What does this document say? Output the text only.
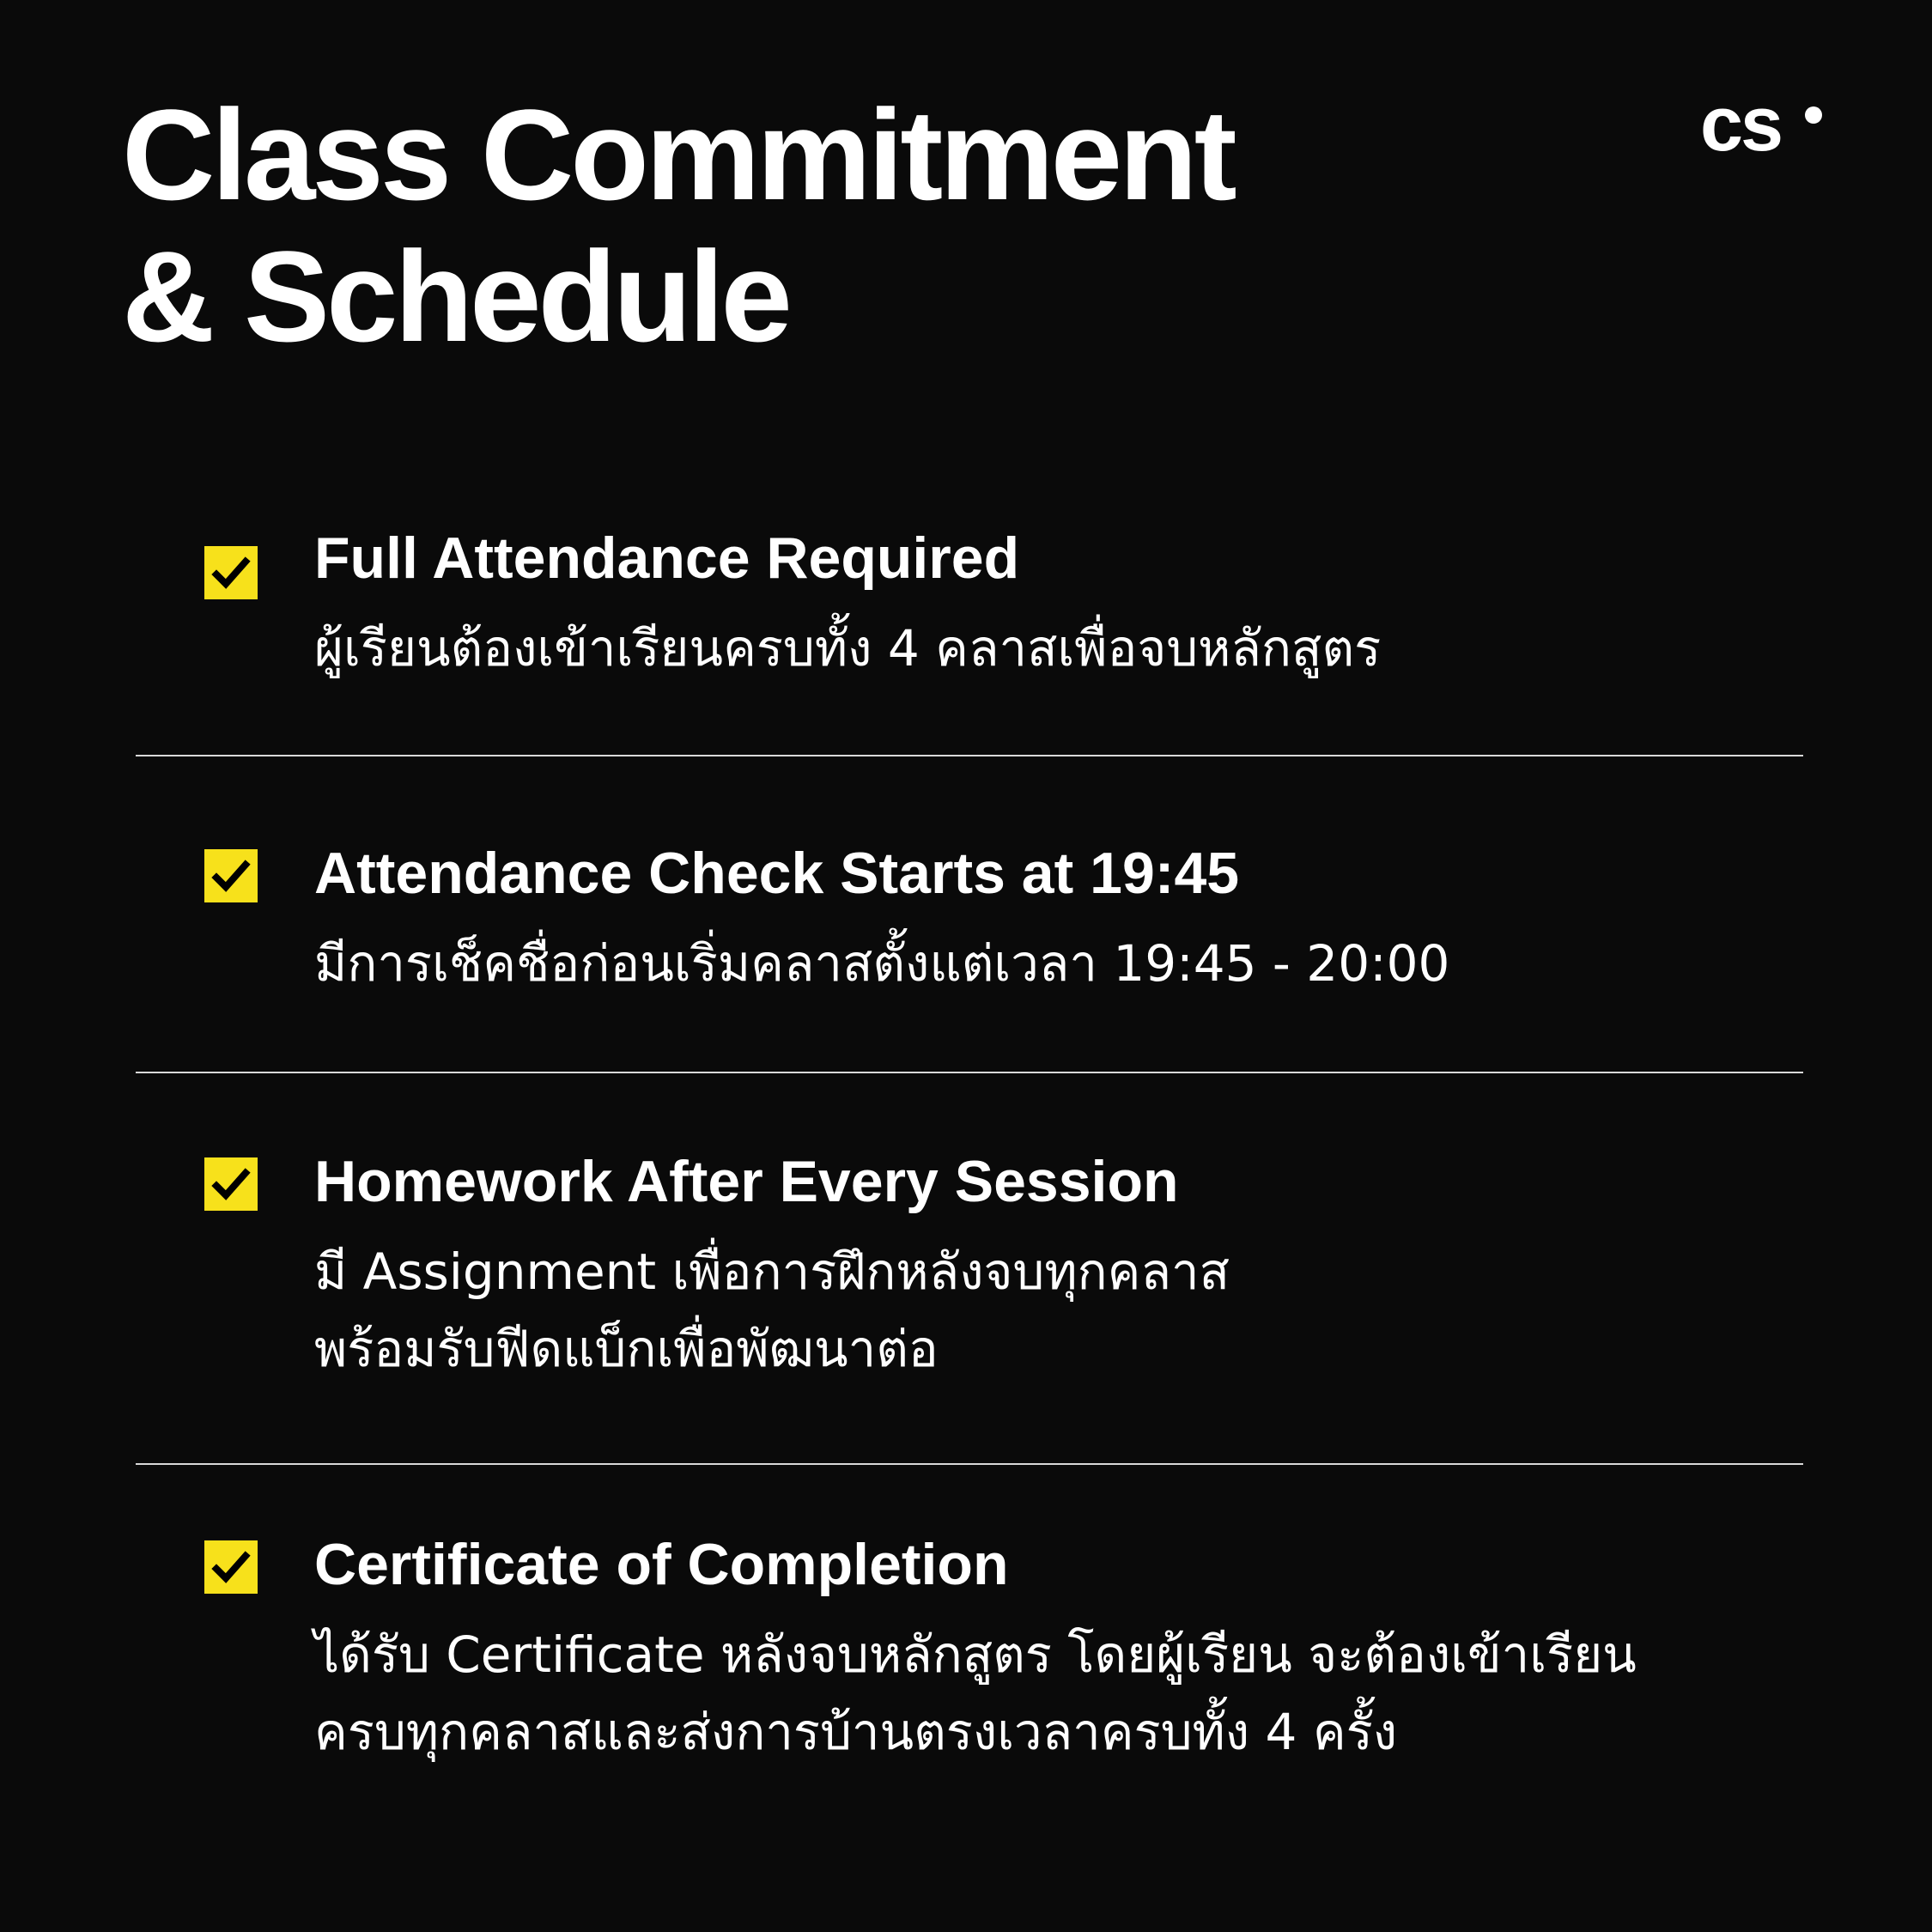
Class Commitment
& Schedule
cs
Full Attendance Required
ผู้เรียนต้องเข้าเรียนครบทั้ง 4 คลาสเพื่อจบหลักสูตร
Attendance Check Starts at 19:45
มีการเช็คชื่อก่อนเริ่มคลาสตั้งแต่เวลา 19:45 - 20:00
Homework After Every Session
มี Assignment เพื่อการฝึกหลังจบทุกคลาส
พร้อมรับฟีดแบ็กเพื่อพัฒนาต่อ
Certificate of Completion
ได้รับ Certificate หลังจบหลักสูตร โดยผู้เรียน จะต้องเข้าเรียน
ครบทุกคลาสและส่งการบ้านตรงเวลาครบทั้ง 4 ครั้ง
